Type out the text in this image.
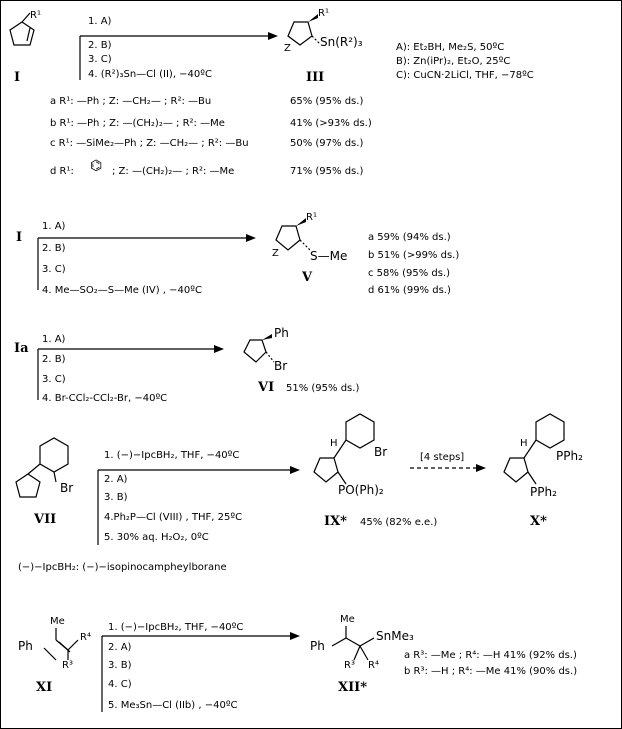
R¹
I
1. A)
2. B)
3. C)
4. (R²)₃Sn—Cl (II), −40ºC
R¹
Z Sn(R²)₃
III
A): Et₂BH, Me₂S, 50ºC
B): Zn(iPr)₂, Et₂O, 25ºC
C): CuCN·2LiCl, THF, −78ºC
a R¹: —Ph ; Z: —CH₂— ; R²: —Bu	65% (95% ds.)
b R¹: —Ph ; Z: —(CH₂)₂— ; R²: —Me	41% (>93% ds.)
c R¹: —SiMe₂—Ph ; Z: —CH₂— ; R²: —Bu	50% (97% ds.)
d R¹: ⌬ ; Z: —(CH₂)₂— ; R²: —Me	71% (95% ds.)
I
1. A)
2. B)
3. C)
4. Me—SO₂—S—Me (IV) , −40ºC
R¹
Z	S—Me
V
a 59% (94% ds.)
b 51% (>99% ds.)
c 58% (95% ds.)
d 61% (99% ds.)
Ia
1. A)
2. B)
3. C)
4. Br-CCl₂-CCl₂-Br, −40ºC
Ph
Br
VI 51% (95% ds.)
Br
VII
1. (−)−IpcBH₂, THF, −40ºC
2. A)
3. B)
4.Ph₂P—Cl (VIII) , THF, 25ºC
5. 30% aq. H₂O₂, 0ºC
H
Br
PO(Ph)₂
IX* 45% (82% e.e.)
[4 steps]
H
PPh₂
PPh₂
X*
(−)−IpcBH₂: (−)−isopinocampheylborane
Me
Ph
R⁴
R³
XI
1. (−)−IpcBH₂, THF, −40ºC
2. A)
3. B)
4. C)
5. Me₃Sn—Cl (IIb) , −40ºC
Me
Ph
SnMe₃
R³ R⁴
XII*
a R³: —Me ; R⁴: —H 41% (92% ds.)
b R³: —H ; R⁴: —Me 41% (90% ds.)
